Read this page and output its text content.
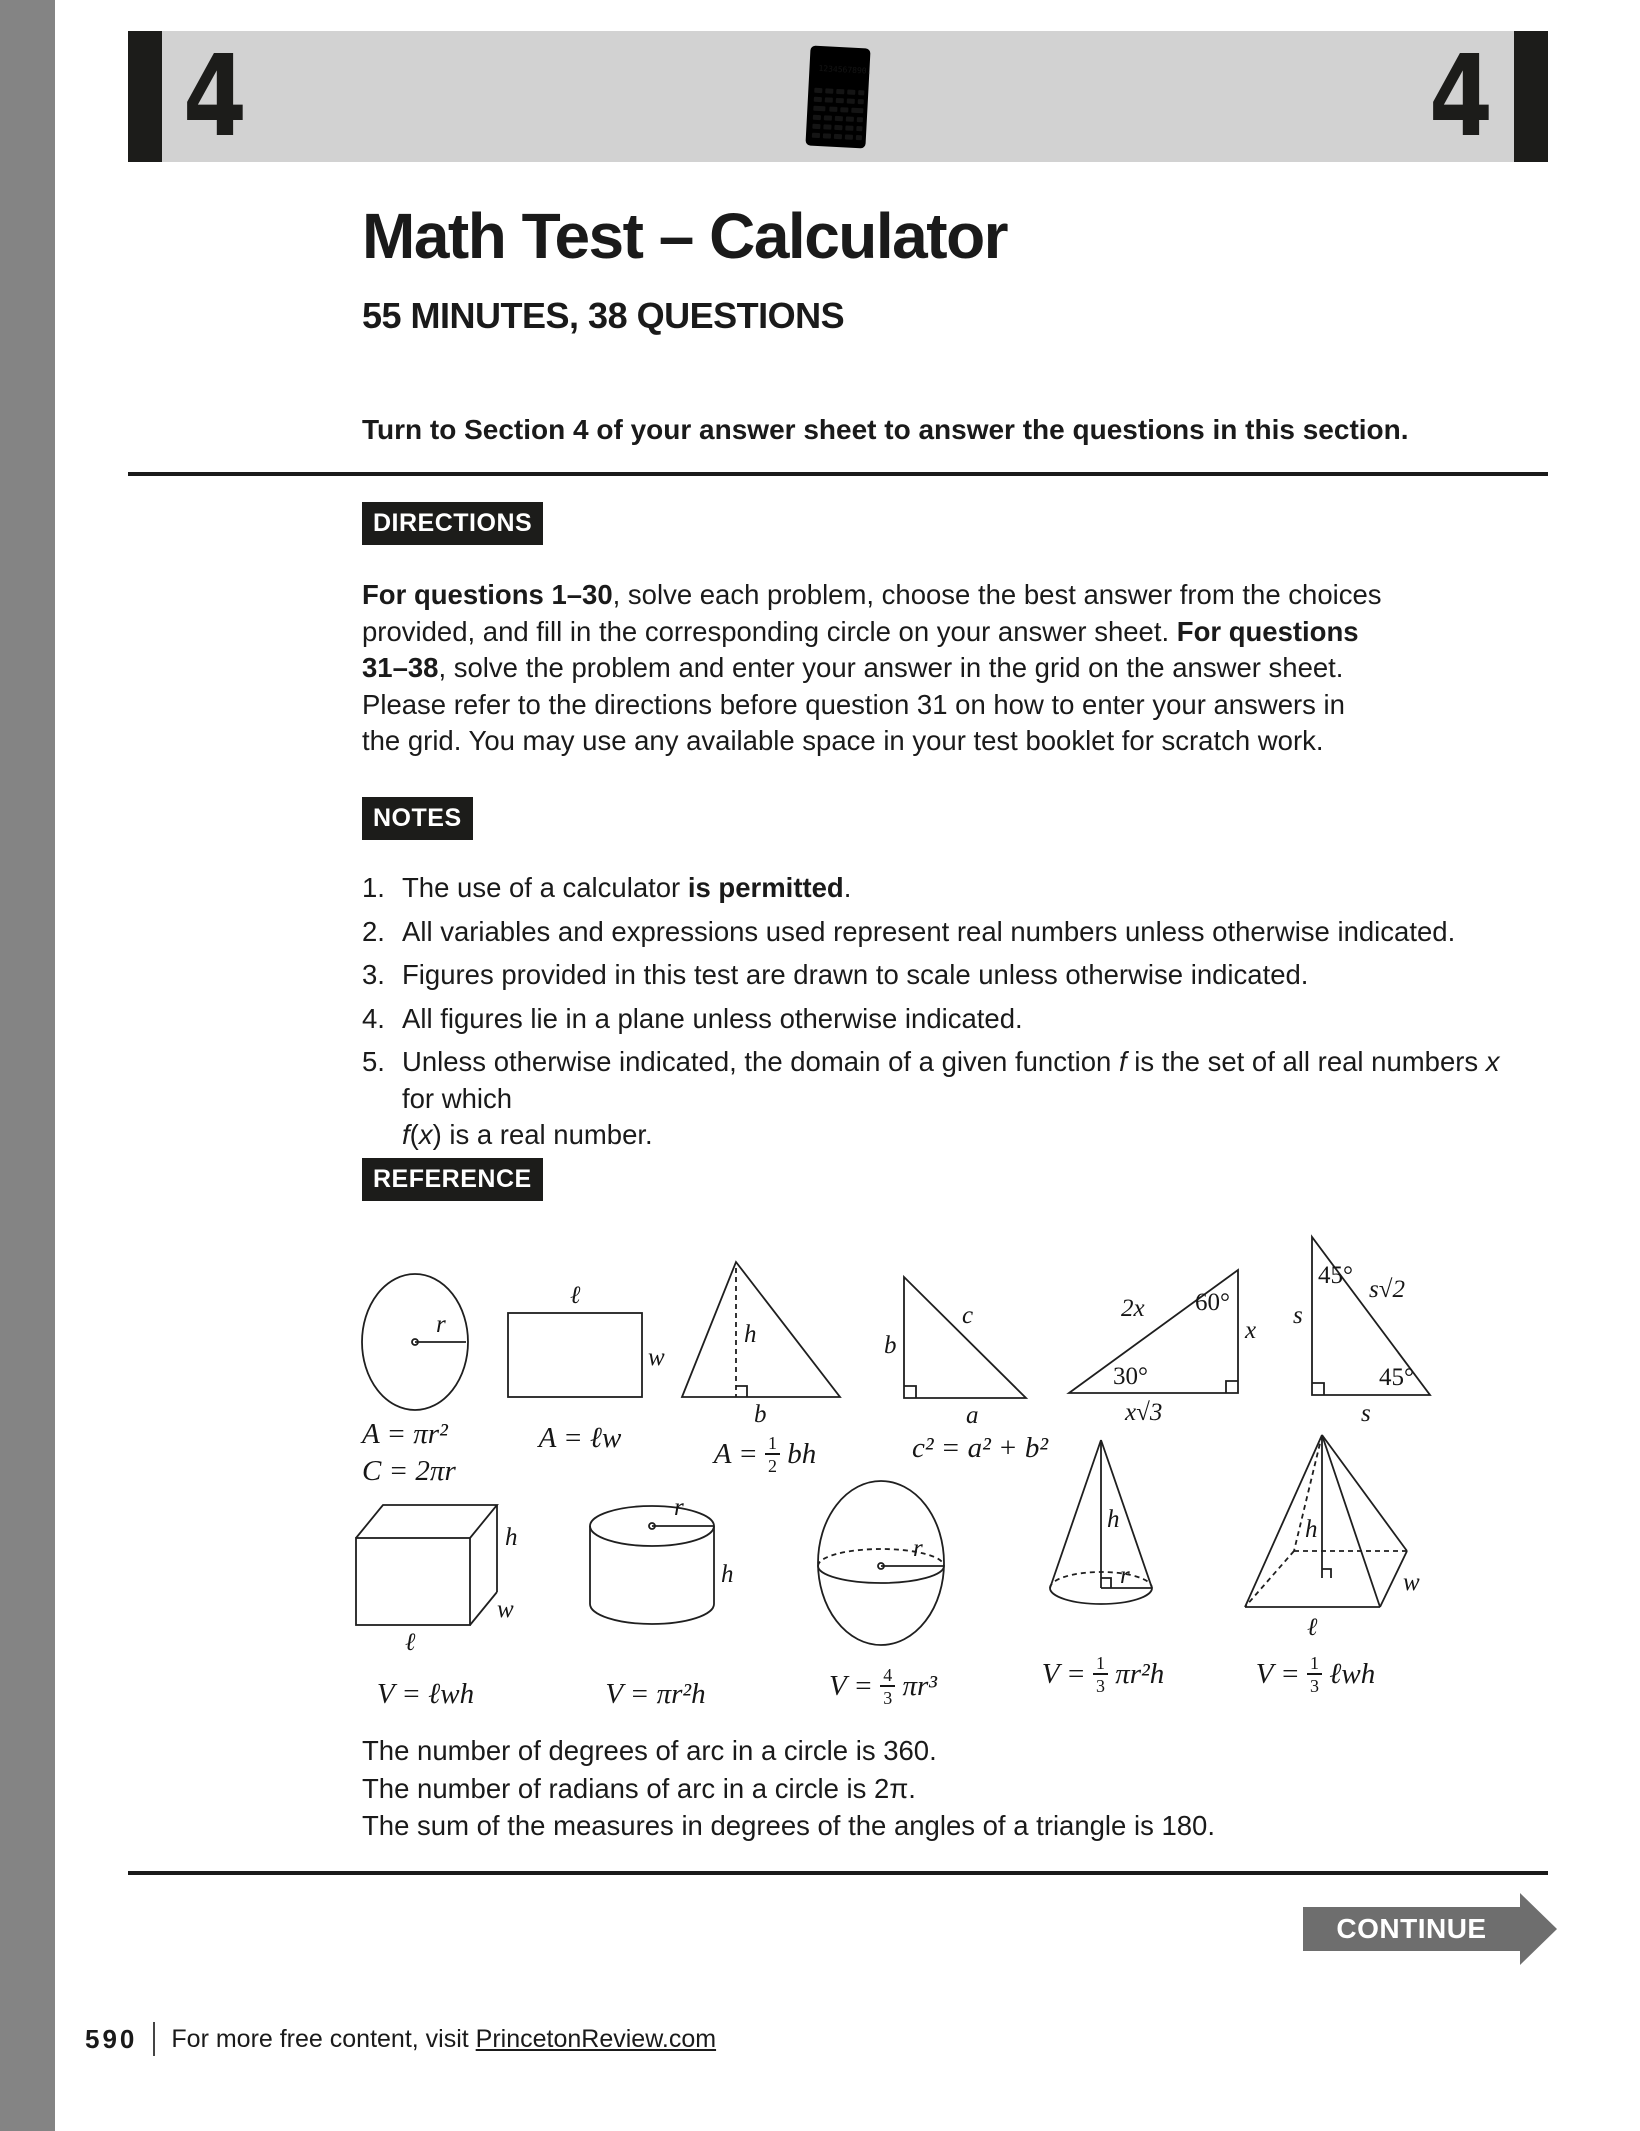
4	1234567890.	4
Math Test – Calculator
55 MINUTES, 38 QUESTIONS

Turn to Section 4 of your answer sheet to answer the questions in this section.

DIRECTIONS

For questions 1–30, solve each problem, choose the best answer from the choices provided, and fill in the corresponding circle on your answer sheet. For questions 31–38, solve the problem and enter your answer in the grid on the answer sheet. Please refer to the directions before question 31 on how to enter your answers in the grid. You may use any available space in your test booklet for scratch work.

NOTES
1. The use of a calculator is permitted.
2. All variables and expressions used represent real numbers unless otherwise indicated.
3. Figures provided in this test are drawn to scale unless otherwise indicated.
4. All figures lie in a plane unless otherwise indicated.
5. Unless otherwise indicated, the domain of a given function f is the set of all real numbers x for which
f(x) is a real number.
REFERENCE
r
ℓ
w
h
b
b
c
a
2x 60°
x
30°
x√3
s
45°
s√2
45°
s
A = πr²
C = 2πr
A = ℓw	$A = \frac{1}{2}$ bh	c² = a² + b²
h
w
ℓ
r
h
r
h
r
h
w
ℓ
V = ℓwh	V = πr²h	$V = \frac{4}{3} \pi r^3$	$V = \frac{1}{3} \pi r^2h$	$V = \frac{1}{3}$ ℓwh
The number of degrees of arc in a circle is 360.
The number of radians of arc in a circle is 2π.
The sum of the measures in degrees of the angles of a triangle is 180.
CONTINUE
590 For more free content, visit PrincetonReview.com
